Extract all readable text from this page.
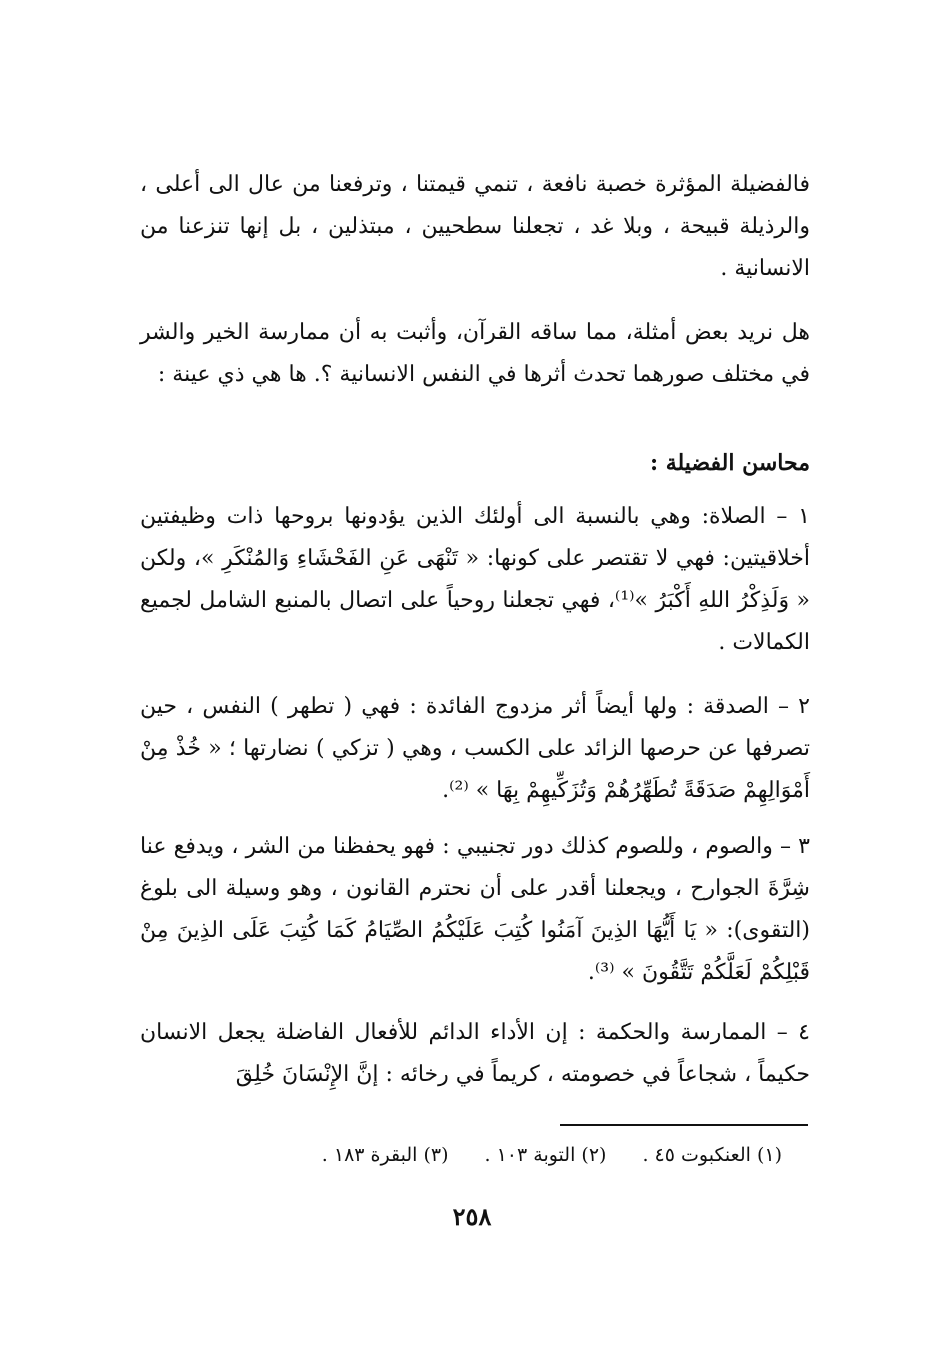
فالفضيلة المؤثرة خصبة نافعة ، تنمي قيمتنا ، وترفعنا من عال الى أعلى ، والرذيلة قبيحة ، وبلا غد ، تجعلنا سطحيين ، مبتذلين ، بل إنها تنزعنا من الانسانية .

هل نريد بعض أمثلة، مما ساقه القرآن، وأثبت به أن ممارسة الخير والشر في مختلف صورهما تحدث أثرها في النفس الانسانية ؟. ها هي ذي عينة :

محاسن الفضيلة :

١ – الصلاة: وهي بالنسبة الى أولئك الذين يؤدونها بروحها ذات وظيفتين أخلاقيتين: فهي لا تقتصر على كونها: « تَنْهَى عَنِ الفَحْشَاءِ وَالمُنْكَرِ »، ولكن « وَلَذِكْرُ اللهِ أَكْبَرُ »⁽¹⁾، فهي تجعلنا روحياً على اتصال بالمنبع الشامل لجميع الكمالات .

٢ – الصدقة : ولها أيضاً أثر مزدوج الفائدة : فهي ( تطهر ) النفس ، حين تصرفها عن حرصها الزائد على الكسب ، وهي ( تزكي ) نضارتها ؛ « خُذْ مِنْ أَمْوَالِهِمْ صَدَقَةً تُطَهِّرُهُمْ وَتُزَكِّيهِمْ بِهَا » ⁽²⁾.

٣ – والصوم ، وللصوم كذلك دور تجنيبي : فهو يحفظنا من الشر ، ويدفع عنا شِرَّةَ الجوارح ، ويجعلنا أقدر على أن نحترم القانون ، وهو وسيلة الى بلوغ (التقوى): « يَا أَيُّهَا الذِينَ آمَنُوا كُتِبَ عَلَيْكُمُ الصِّيَامُ كَمَا كُتِبَ عَلَى الذِينَ مِنْ قَبْلِكُمْ لَعَلَّكُمْ تَتَّقُونَ » ⁽³⁾.

٤ – الممارسة والحكمة : إن الأداء الدائم للأفعال الفاضلة يجعل الانسان حكيماً ، شجاعاً في خصومته ، كريماً في رخائه : إنَّ الإِنْسَانَ خُلِقَ

(١) العنكبوت ٤٥ .
(٢) التوبة ١٠٣ .
(٣) البقرة ١٨٣ .
٢٥٨
